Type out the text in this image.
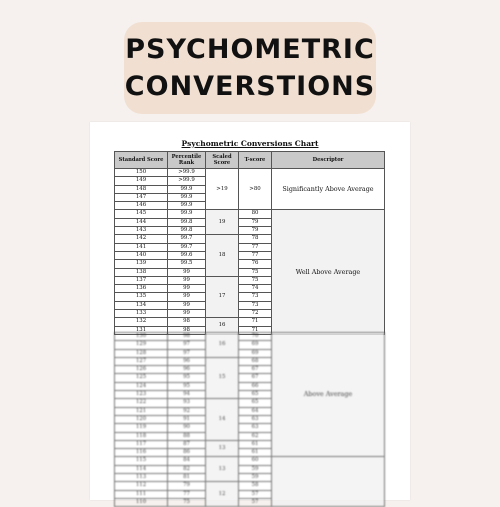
PSYCHOMETRIC
CONVERSTIONS
Psychometric Conversions Chart
Standard Score	Percentile Rank	Scaled Score	T-score	Descriptor
150	>99.9	>19	>80	Significantly Above Average
149	>99.9			
148	99.9			
147	99.9			
146	99.9			
145	99.9	19	80	Well Above Average
144	99.8		79	
143	99.8		79	
142	99.7	18	78	
141	99.7		77	
140	99.6		77	
139	99.5		76	
138	99		75	
137	99	17	75	
136	99		74	
135	99		73	
134	99		73	
133	99		72	
132	98	16	71	
131	98		71	
130	98	16	70	Above Average
129	97		69	
128	97		69	
127	96	15	68	
126	96		67	
125	95		67	
124	95		66	
123	94		65	
122	93	14	65	
121	92		64	
120	91		63	
119	90		63	
118	88		62	
117	87	13	61	
116	86		61	
115	84	13	60	
114	82		59	
113	81		59	
112	79	12	58	
111	77		57	
110	75		57	
